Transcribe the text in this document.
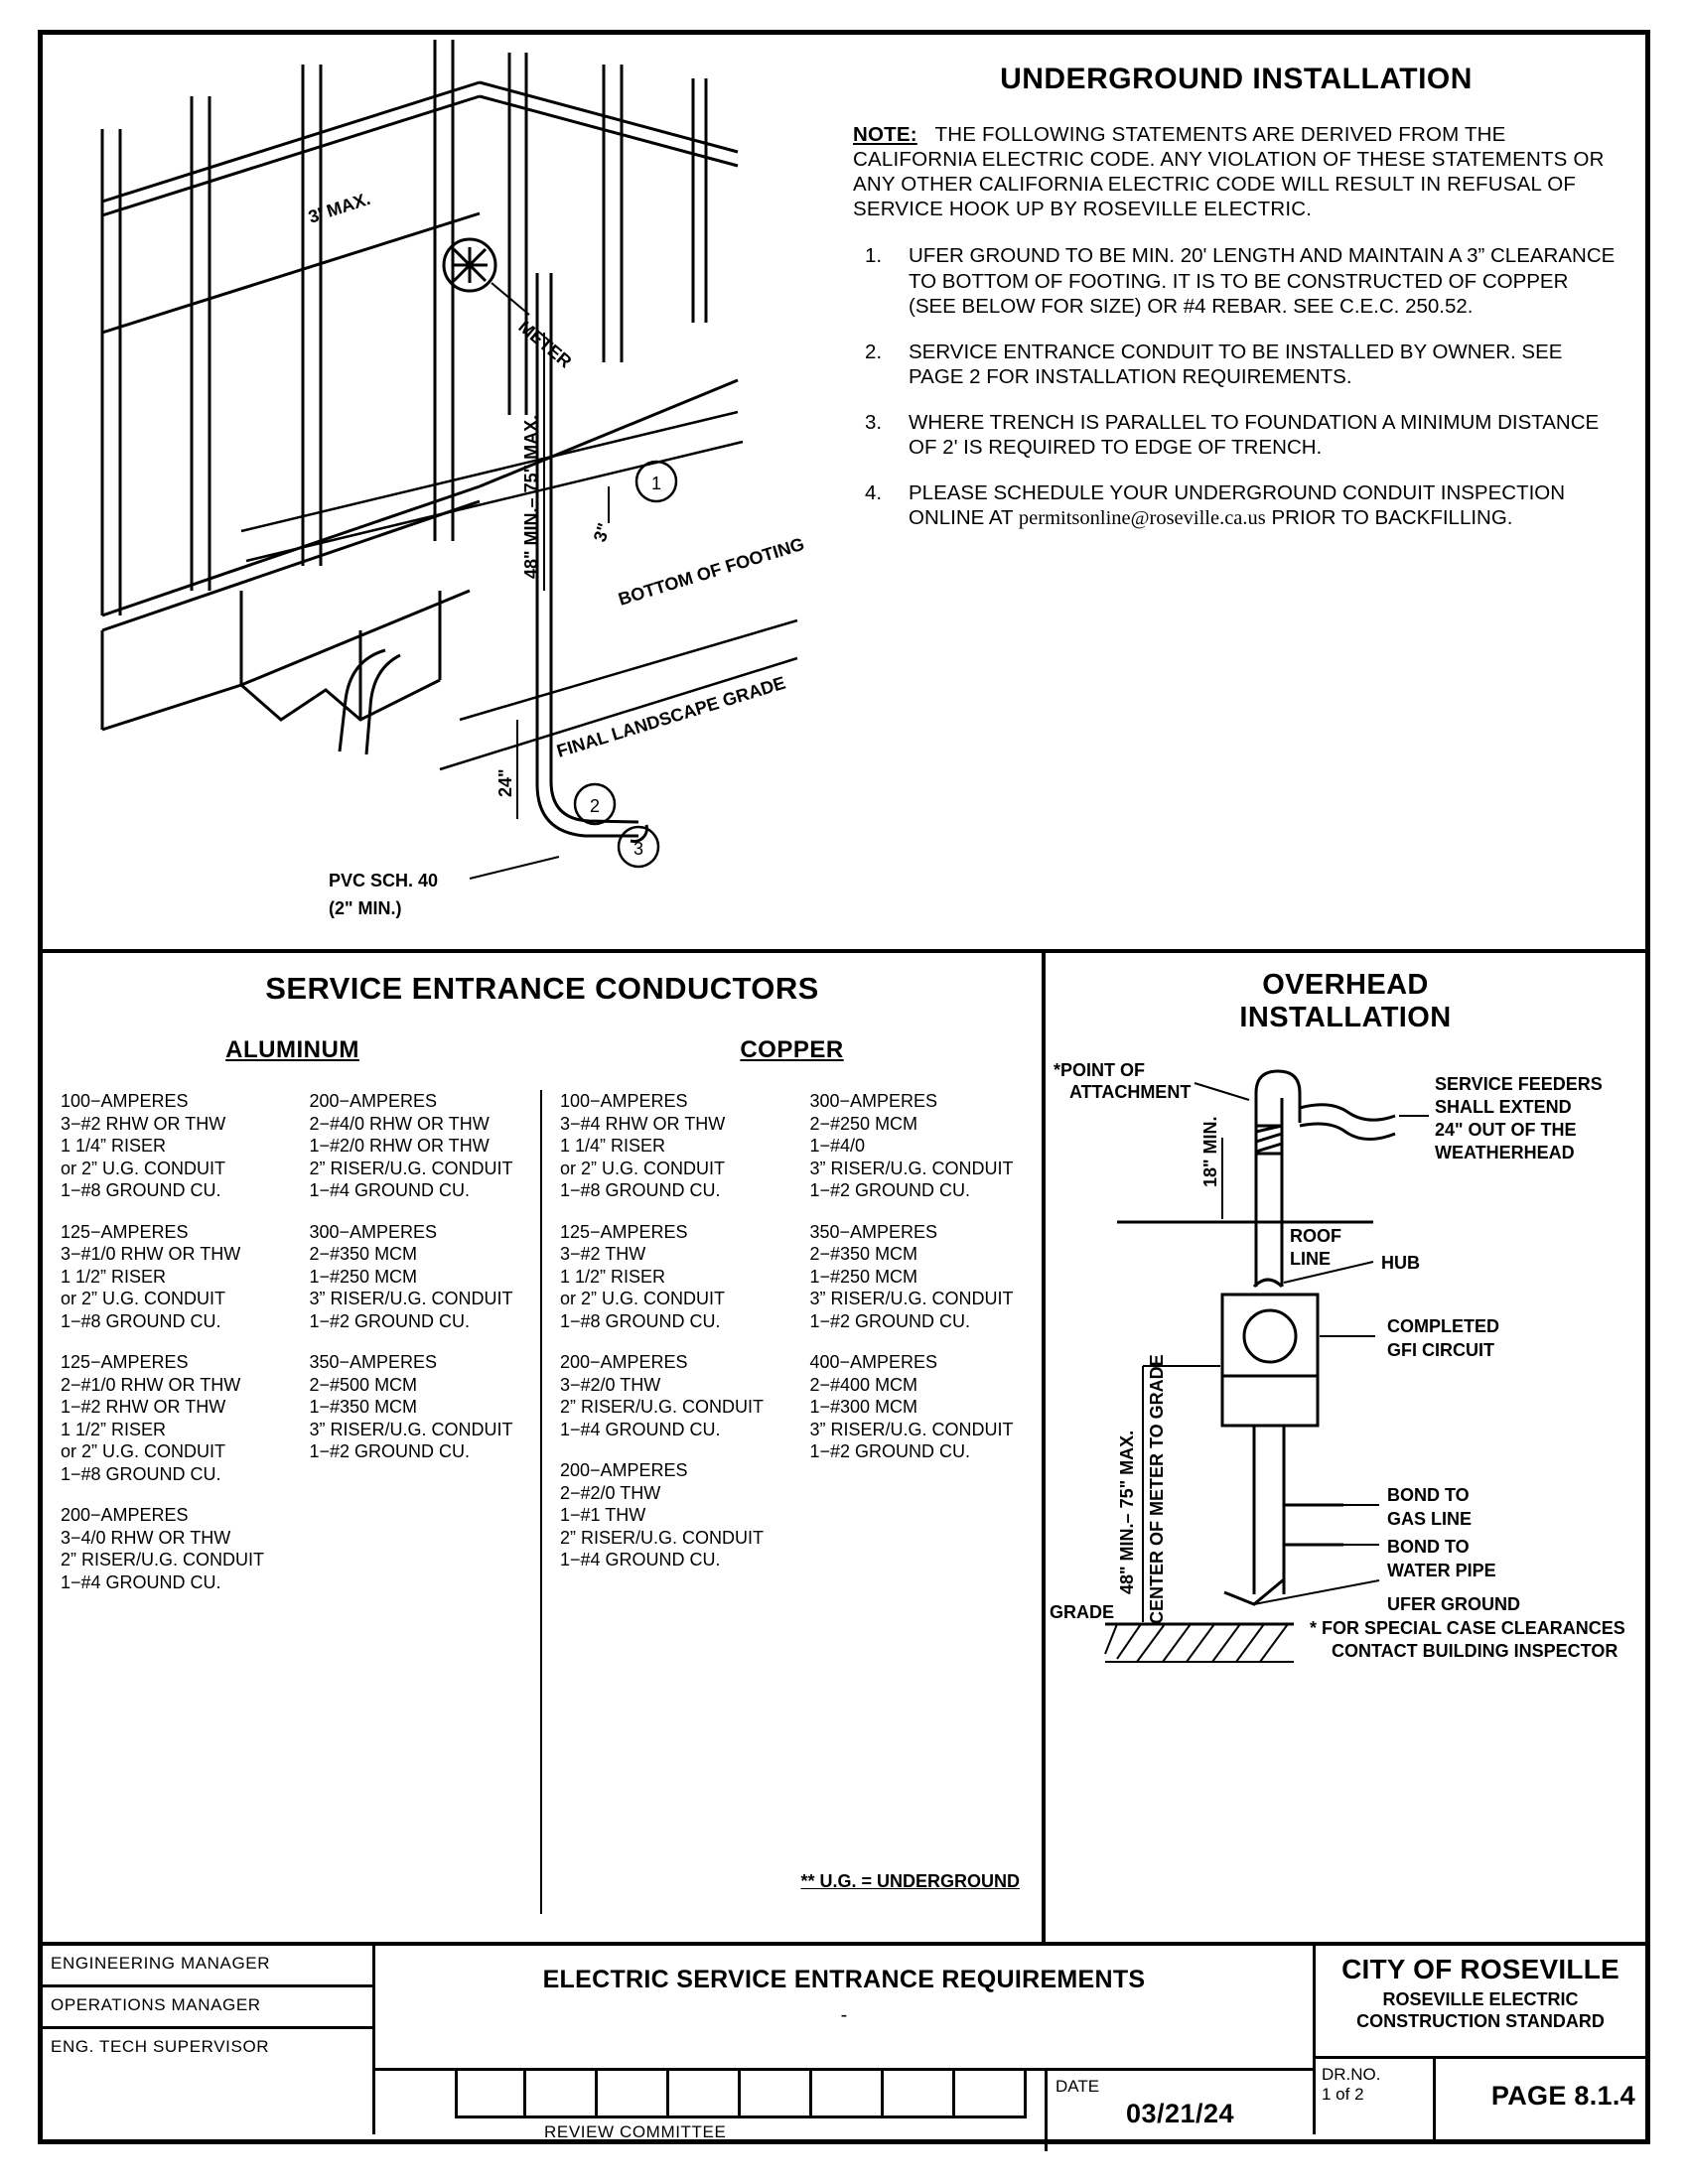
3' MAX.
METER
48" MIN.– 75" MAX.	3"
BOTTOM OF FOOTING
FINAL LANDSCAPE GRADE
24"
PVC SCH. 40
(2" MIN.)
1
2
3
UNDERGROUND INSTALLATION
NOTE: THE FOLLOWING STATEMENTS ARE DERIVED FROM THE CALIFORNIA ELECTRIC CODE. ANY VIOLATION OF THESE STATEMENTS OR ANY OTHER CALIFORNIA ELECTRIC CODE WILL RESULT IN REFUSAL OF SERVICE HOOK UP BY ROSEVILLE ELECTRIC.
1.	UFER GROUND TO BE MIN. 20' LENGTH AND MAINTAIN A 3” CLEARANCE TO BOTTOM OF FOOTING. IT IS TO BE CONSTRUCTED OF COPPER (SEE BELOW FOR SIZE) OR #4 REBAR. SEE C.E.C. 250.52.
2.	SERVICE ENTRANCE CONDUIT TO BE INSTALLED BY OWNER. SEE PAGE 2 FOR INSTALLATION REQUIREMENTS.
3.	WHERE TRENCH IS PARALLEL TO FOUNDATION A MINIMUM DISTANCE OF 2' IS REQUIRED TO EDGE OF TRENCH.
4.	PLEASE SCHEDULE YOUR UNDERGROUND CONDUIT INSPECTION ONLINE AT permitsonline@roseville.ca.us PRIOR TO BACKFILLING.
SERVICE ENTRANCE CONDUCTORS
ALUMINUM	COPPER
100−AMPERES
3−#2 RHW OR THW
1 1/4” RISER
or 2” U.G. CONDUIT
1−#8 GROUND CU.
125−AMPERES
3−#1/0 RHW OR THW
1 1/2” RISER
or 2” U.G. CONDUIT
1−#8 GROUND CU.
125−AMPERES
2−#1/0 RHW OR THW
1−#2 RHW OR THW
1 1/2” RISER
or 2” U.G. CONDUIT
1−#8 GROUND CU.
200−AMPERES
3−4/0 RHW OR THW
2” RISER/U.G. CONDUIT
1−#4 GROUND CU.
200−AMPERES
2−#4/0 RHW OR THW
1−#2/0 RHW OR THW
2” RISER/U.G. CONDUIT
1−#4 GROUND CU.
300−AMPERES
2−#350 MCM
1−#250 MCM
3” RISER/U.G. CONDUIT
1−#2 GROUND CU.
350−AMPERES
2−#500 MCM
1−#350 MCM
3” RISER/U.G. CONDUIT
1−#2 GROUND CU.
100−AMPERES
3−#4 RHW OR THW
1 1/4” RISER
or 2” U.G. CONDUIT
1−#8 GROUND CU.
125−AMPERES
3−#2 THW
1 1/2” RISER
or 2” U.G. CONDUIT
1−#8 GROUND CU.
200−AMPERES
3−#2/0 THW
2” RISER/U.G. CONDUIT
1−#4 GROUND CU.
200−AMPERES
2−#2/0 THW
1−#1 THW
2” RISER/U.G. CONDUIT
1−#4 GROUND CU.
300−AMPERES
2−#250 MCM
1−#4/0
3” RISER/U.G. CONDUIT
1−#2 GROUND CU.
350−AMPERES
2−#350 MCM
1−#250 MCM
3” RISER/U.G. CONDUIT
1−#2 GROUND CU.
400−AMPERES
2−#400 MCM
1−#300 MCM
3” RISER/U.G. CONDUIT
1−#2 GROUND CU.
** U.G. = UNDERGROUND
OVERHEAD
INSTALLATION
*POINT OF
ATTACHMENT
18" MIN.
ROOF
LINE
SERVICE FEEDERS
SHALL EXTEND
24" OUT OF THE
WEATHERHEAD
HUB
COMPLETED
GFI CIRCUIT
BOND TO
GAS LINE
BOND TO
WATER PIPE
UFER GROUND
GRADE
48" MIN.– 75" MAX. CENTER OF METER TO GRADE
* FOR SPECIAL CASE CLEARANCES
CONTACT BUILDING INSPECTOR
ENGINEERING MANAGER
OPERATIONS MANAGER
ENG. TECH SUPERVISOR
ELECTRIC SERVICE ENTRANCE REQUIREMENTS
-
REVIEW COMMITTEE
DATE
03/21/24
CITY OF ROSEVILLE
ROSEVILLE ELECTRIC
CONSTRUCTION STANDARD
DR.NO.
1 of 2	PAGE 8.1.4
